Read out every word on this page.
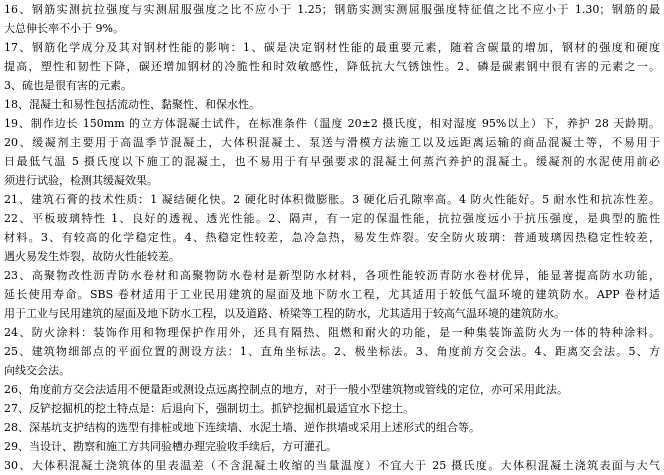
16、钢筋实测抗拉强度与实测屈服强度之比不应小于 1.25；钢筋实测实测屈服强度特征值之比不应小于 1.30；钢筋的最
大总伸长率不小于 9%。
17、钢筋化学成分及其对钢材性能的影响：1、碳是决定钢材性能的最重要元素，随着含碳量的增加，钢材的强度和硬度
提高，塑性和韧性下降，碳还增加钢材的冷脆性和时效敏感性，降低抗大气锈蚀性。2、磷是碳素钢中很有害的元素之一。
3、硫也是很有害的元素。
18、混凝土和易性包括流动性、黏聚性、和保水性。
19、制作边长 150mm 的立方体混凝土试件，在标准条件（温度 20±2 摄氏度，相对湿度 95%以上）下，养护 28 天龄期。
20、缓凝剂主要用于高温季节混凝土，大体积混凝土、泵送与滑模方法施工以及远距离运输的商品混凝土等，不易用于
日最低气温 5 摄氏度以下施工的混凝土，也不易用于有早强要求的混凝土何蒸汽养护的混凝土。缓凝剂的水泥使用前必
须进行试验，检测其缓凝效果。
21、建筑石膏的技术性质：1 凝结硬化快。2 硬化时体积微膨胀。3 硬化后孔隙率高。4 防火性能好。5 耐水性和抗冻性差。
22、平板玻璃特性 1、良好的透视、透光性能。2、隔声，有一定的保温性能，抗拉强度远小于抗压强度，是典型的脆性
材料。3、有较高的化学稳定性。4、热稳定性较差，急冷急热，易发生炸裂。安全防火玻璃：普通玻璃因热稳定性较差，
遇火易发生炸裂，故防火性能较差。
23、高聚物改性沥青防水卷材和高聚物防水卷材是新型防水材料，各项性能较沥青防水卷材优异，能显著提高防水功能，
延长使用寿命。SBS 卷材适用于工业民用建筑的屋面及地下防水工程，尤其适用于较低气温环境的建筑防水。APP 卷材适
用于工业与民用建筑的屋面及地下防水工程，以及道路、桥梁等工程的防水，尤其适用于较高气温环境的建筑防水。
24、防火涂料：装饰作用和物理保护作用外，还具有隔热、阻燃和耐火的功能，是一种集装饰盖防火为一体的特种涂料。
25、建筑物细部点的平面位置的测设方法：1、直角坐标法。2、极坐标法。3、角度前方交会法。4、距离交会法。5、方
向线交会法。
26、角度前方交会法适用不便量距或测设点远离控制点的地方，对于一般小型建筑物或管线的定位，亦可采用此法。
27、反铲挖掘机的挖土特点是：后退向下，强制切土。抓铲挖掘机最适宜水下挖土。
28、深基坑支护结构的选型有排桩或地下连续墙、水泥土墙、逆作拱墙或采用上述形式的组合等。
29、当设计、勘察和施工方共同验槽办理完验收手续后，方可灌孔。
30、大体积混凝土浇筑体的里表温差（不含混凝土收缩的当量温度）不宜大于 25 摄氏度。大体积混凝土浇筑表面与大气
